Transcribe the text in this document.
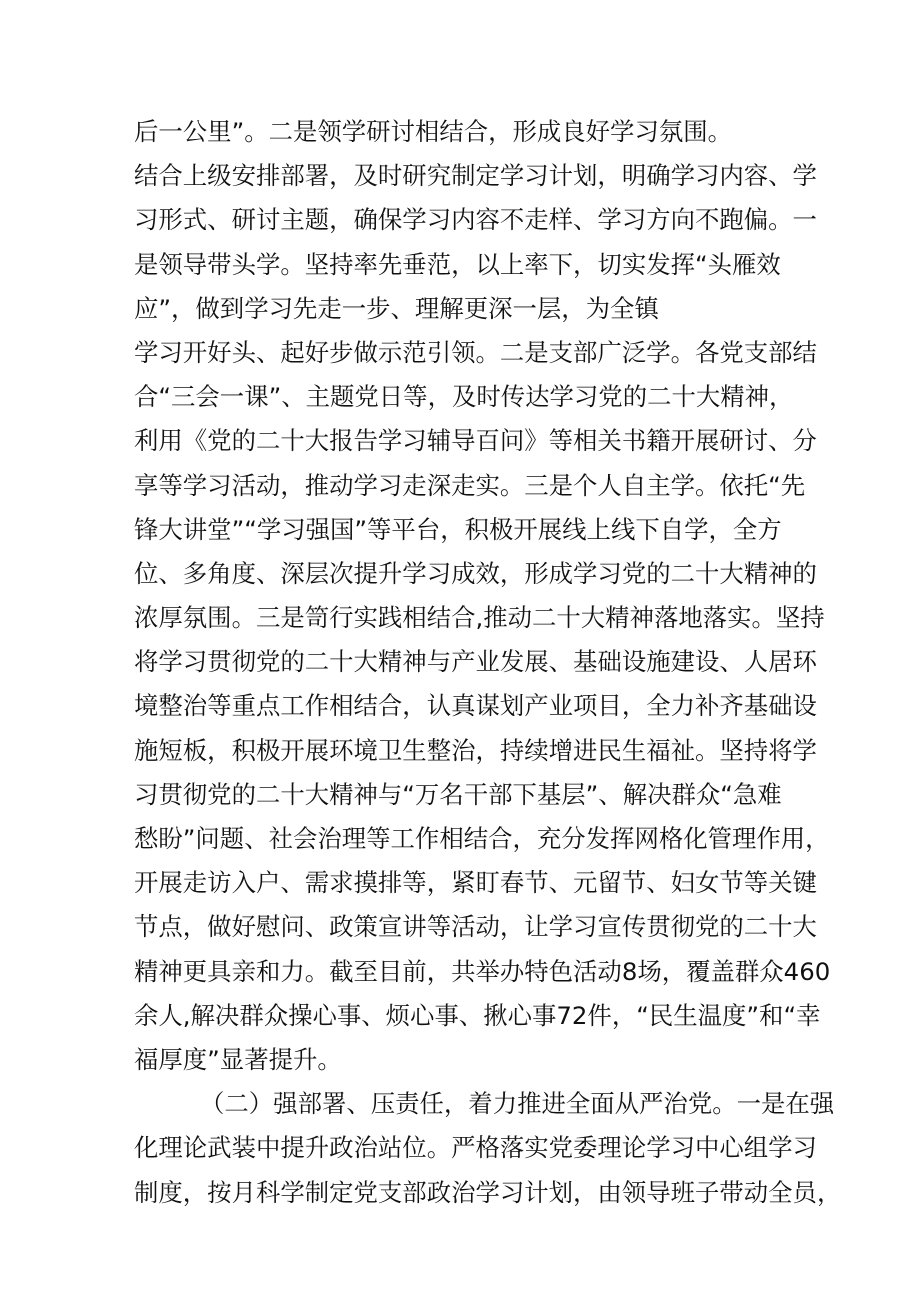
后一公里”。二是领学研讨相结合，形成良好学习氛围。
结合上级安排部署，及时研究制定学习计划，明确学习内容、学
习形式、研讨主题，确保学习内容不走样、学习方向不跑偏。一
是领导带头学。坚持率先垂范，以上率下，切实发挥“头雁效
应”，做到学习先走一步、理解更深一层，为全镇
学习开好头、起好步做示范引领。二是支部广泛学。各党支部结
合“三会一课”、主题党日等，及时传达学习党的二十大精神，
利用《党的二十大报告学习辅导百问》等相关书籍开展研讨、分
享等学习活动，推动学习走深走实。三是个人自主学。依托“先
锋大讲堂”“学习强国”等平台，积极开展线上线下自学，全方
位、多角度、深层次提升学习成效，形成学习党的二十大精神的
浓厚氛围。三是笥行实践相结合,推动二十大精神落地落实。坚持
将学习贯彻党的二十大精神与产业发展、基础设施建设、人居环
境整治等重点工作相结合，认真谋划产业项目，全力补齐基础设
施短板，积极开展环境卫生整治，持续增进民生福祉。坚持将学
习贯彻党的二十大精神与“万名干部下基层”、解决群众“急难
愁盼”问题、社会治理等工作相结合，充分发挥网格化管理作用，
开展走访入户、需求摸排等，紧盯春节、元留节、妇女节等关键
节点，做好慰问、政策宣讲等活动，让学习宣传贯彻党的二十大
精神更具亲和力。截至目前，共举办特色活动8场，覆盖群众460
余人,解决群众操心事、烦心事、揪心事72件，“民生温度”和“幸
福厚度”显著提升。
（二）强部署、压责任，着力推进全面从严治党。一是在强
化理论武装中提升政治站位。严格落实党委理论学习中心组学习
制度，按月科学制定党支部政治学习计划，由领导班子带动全员，
